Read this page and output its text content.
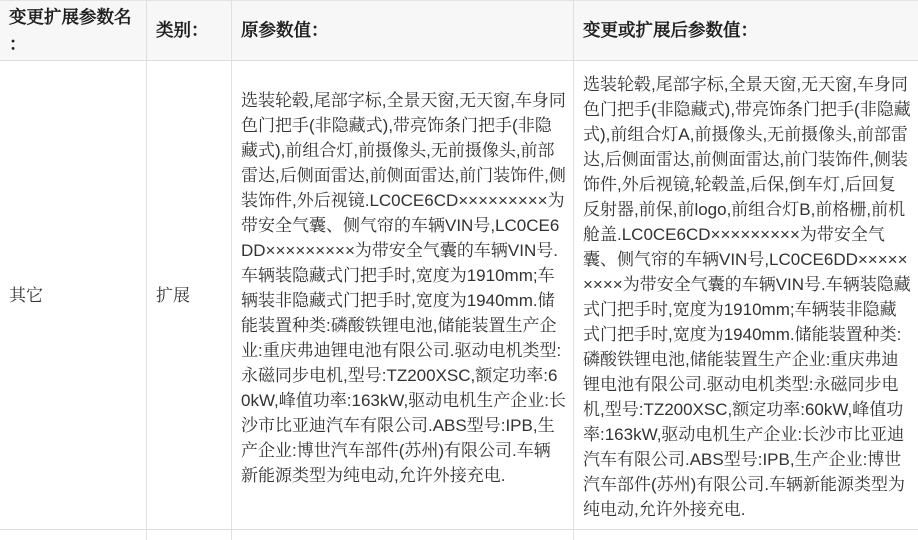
变更扩展参数名：
类别： 原参数值：	变更或扩展后参数值：
其它	扩展
选装轮毂,尾部字标,全景天窗,无天窗,车身同色门把手(非隐藏式),带亮饰条门把手(非隐藏式),前组合灯,前摄像头,无前摄像头,前部雷达,后侧面雷达,前侧面雷达,前门装饰件,侧装饰件,外后视镜.LC0CE6CD×××××××××为带安全气囊、侧气帘的车辆VIN号,LC0CE6DD×××××××××为带安全气囊的车辆VIN号.车辆装隐藏式门把手时,宽度为1910mm;车辆装非隐藏式门把手时,宽度为1940mm.储能装置种类:磷酸铁锂电池,储能装置生产企业:重庆弗迪锂电池有限公司.驱动电机类型:永磁同步电机,型号:TZ200XSC,额定功率:60kW,峰值功率:163kW,驱动电机生产企业:长沙市比亚迪汽车有限公司.ABS型号:IPB,生产企业:博世汽车部件(苏州)有限公司.车辆新能源类型为纯电动,允许外接充电.
选装轮毂,尾部字标,全景天窗,无天窗,车身同色门把手(非隐藏式),带亮饰条门把手(非隐藏式),前组合灯A,前摄像头,无前摄像头,前部雷达,后侧面雷达,前侧面雷达,前门装饰件,侧装饰件,外后视镜,轮毂盖,后保,倒车灯,后回复反射器,前保,前logo,前组合灯B,前格栅,前机舱盖.LC0CE6CD×××××××××为带安全气囊、侧气帘的车辆VIN号,LC0CE6DD×××××××××为带安全气囊的车辆VIN号.车辆装隐藏式门把手时,宽度为1910mm;车辆装非隐藏式门把手时,宽度为1940mm.储能装置种类:磷酸铁锂电池,储能装置生产企业:重庆弗迪锂电池有限公司.驱动电机类型:永磁同步电机,型号:TZ200XSC,额定功率:60kW,峰值功率:163kW,驱动电机生产企业:长沙市比亚迪汽车有限公司.ABS型号:IPB,生产企业:博世汽车部件(苏州)有限公司.车辆新能源类型为纯电动,允许外接充电.
